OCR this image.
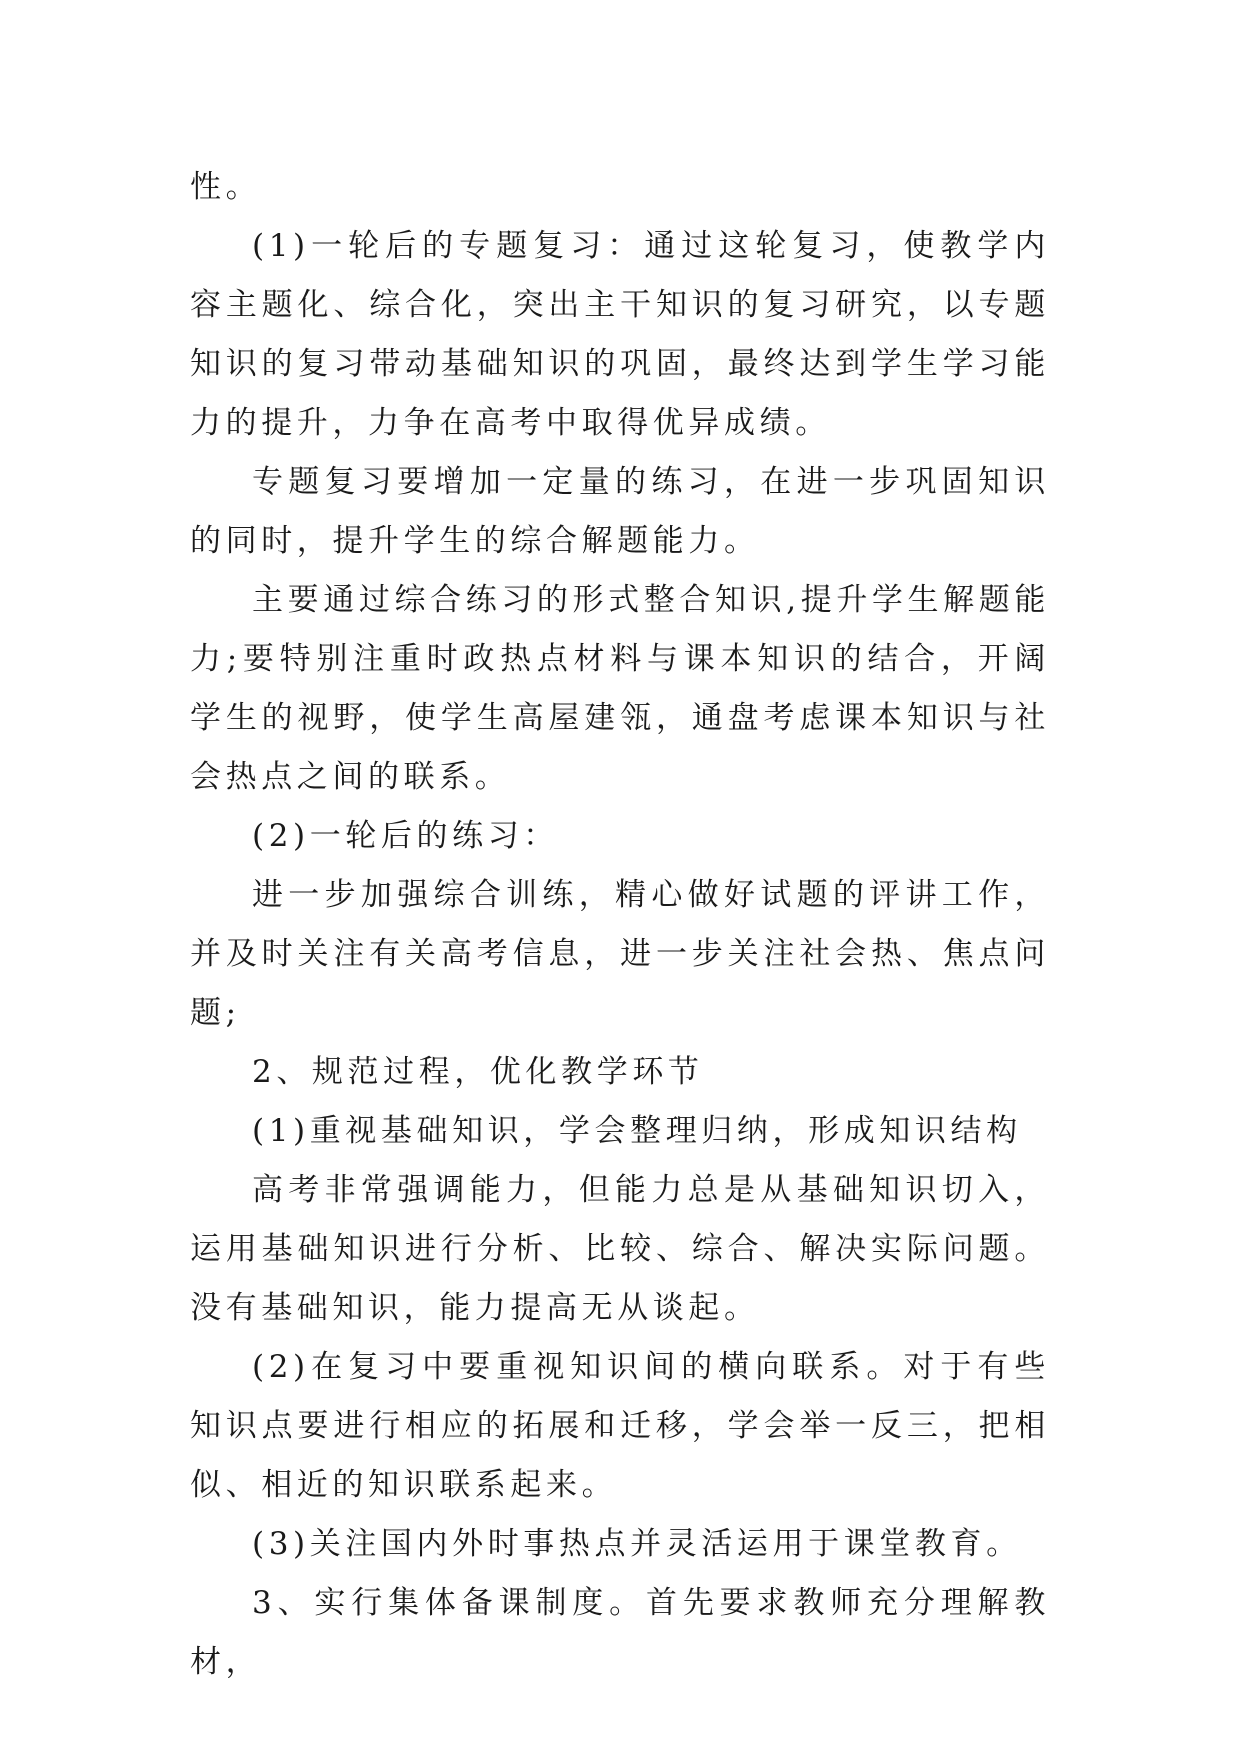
性。

(1)一轮后的专题复习：通过这轮复习，使教学内容主题化、综合化，突出主干知识的复习研究，以专题知识的复习带动基础知识的巩固，最终达到学生学习能力的提升，力争在高考中取得优异成绩。

专题复习要增加一定量的练习，在进一步巩固知识的同时，提升学生的综合解题能力。

主要通过综合练习的形式整合知识,提升学生解题能力;要特别注重时政热点材料与课本知识的结合，开阔学生的视野，使学生高屋建瓴，通盘考虑课本知识与社会热点之间的联系。

(2)一轮后的练习：

进一步加强综合训练，精心做好试题的评讲工作，并及时关注有关高考信息，进一步关注社会热、焦点问题;

2、规范过程，优化教学环节

(1)重视基础知识，学会整理归纳，形成知识结构

高考非常强调能力，但能力总是从基础知识切入，运用基础知识进行分析、比较、综合、解决实际问题。没有基础知识，能力提高无从谈起。

(2)在复习中要重视知识间的横向联系。对于有些知识点要进行相应的拓展和迁移，学会举一反三，把相似、相近的知识联系起来。

(3)关注国内外时事热点并灵活运用于课堂教育。

3、实行集体备课制度。首先要求教师充分理解教材，
